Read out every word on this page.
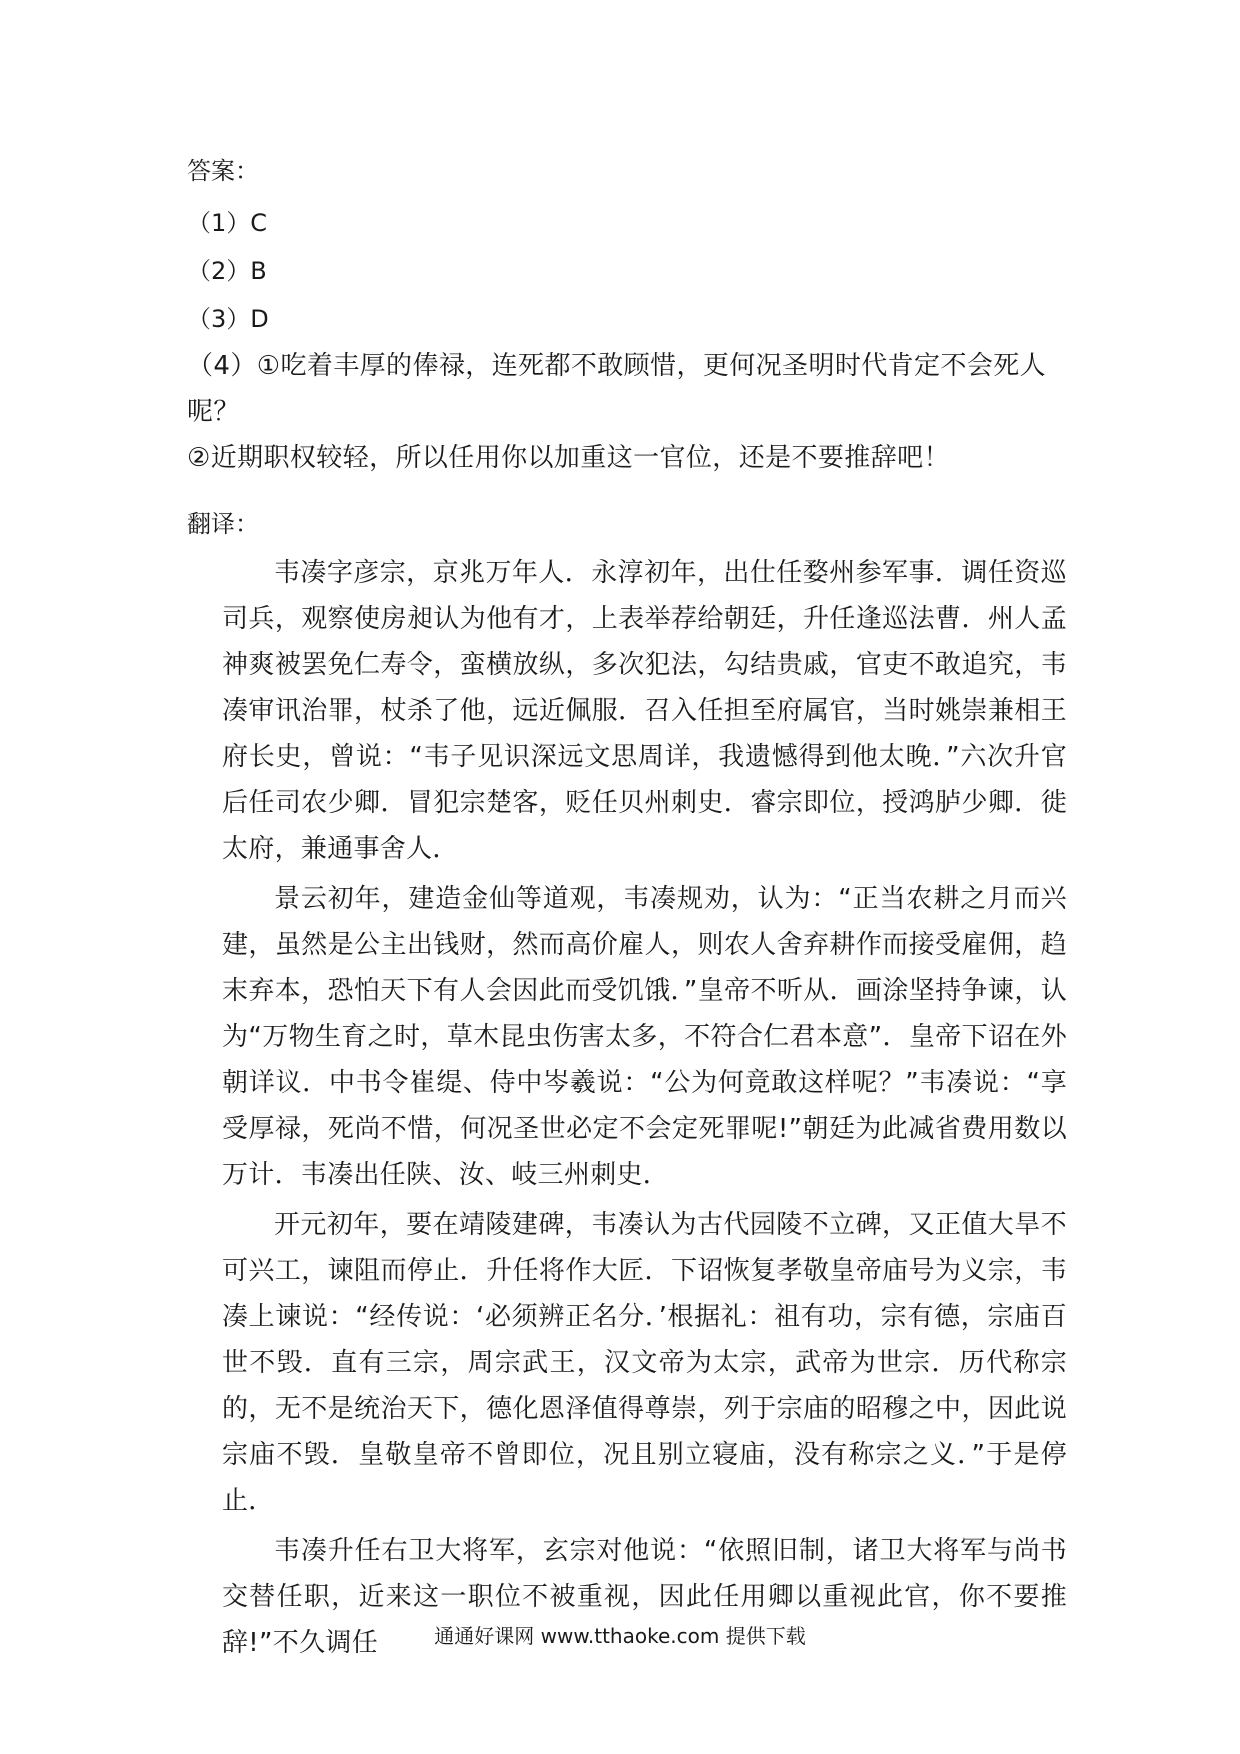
答案：
（1）C
（2）B
（3）D
（4）①吃着丰厚的俸禄，连死都不敢顾惜，更何况圣明时代肯定不会死人呢？
②近期职权较轻，所以任用你以加重这一官位，还是不要推辞吧！
翻译：

韦凑字彦宗，京兆万年人．永淳初年，出仕任婺州参军事．调任资巡司兵，观察使房昶认为他有才，上表举荐给朝廷，升任逢巡法曹．州人孟神爽被罢免仁寿令，蛮横放纵，多次犯法，勾结贵戚，官吏不敢追究，韦凑审讯治罪，杖杀了他，远近佩服．召入任担至府属官，当时姚崇兼相王府长史，曾说：“韦子见识深远文思周详，我遗憾得到他太晚．”六次升官后任司农少卿．冒犯宗楚客，贬任贝州刺史．睿宗即位，授鸿胪少卿．徙太府，兼通事舍人．

景云初年，建造金仙等道观，韦凑规劝，认为：“正当农耕之月而兴建，虽然是公主出钱财，然而高价雇人，则农人舍弃耕作而接受雇佣，趋末弃本，恐怕天下有人会因此而受饥饿．”皇帝不听从．画涂坚持争谏，认为“万物生育之时，草木昆虫伤害太多，不符合仁君本意”．皇帝下诏在外朝详议．中书令崔缇、侍中岑羲说：“公为何竟敢这样呢？”韦凑说：“享受厚禄，死尚不惜，何况圣世必定不会定死罪呢!”朝廷为此减省费用数以万计．韦凑出任陕、汝、岐三州刺史．

开元初年，要在靖陵建碑，韦凑认为古代园陵不立碑，又正值大旱不可兴工，谏阻而停止．升任将作大匠．下诏恢复孝敬皇帝庙号为义宗，韦凑上谏说：“经传说：‘必须辨正名分．’根据礼：祖有功，宗有德，宗庙百世不毁．直有三宗，周宗武王，汉文帝为太宗，武帝为世宗．历代称宗的，无不是统治天下，德化恩泽值得尊崇，列于宗庙的昭穆之中，因此说宗庙不毁．皇敬皇帝不曾即位，况且别立寝庙，没有称宗之义．”于是停止．

韦凑升任右卫大将军，玄宗对他说：“依照旧制，诸卫大将军与尚书交替任职，近来这一职位不被重视，因此任用卿以重视此官，你不要推辞!”不久调任	通通好课网 www.tthaoke.com 提供下载
